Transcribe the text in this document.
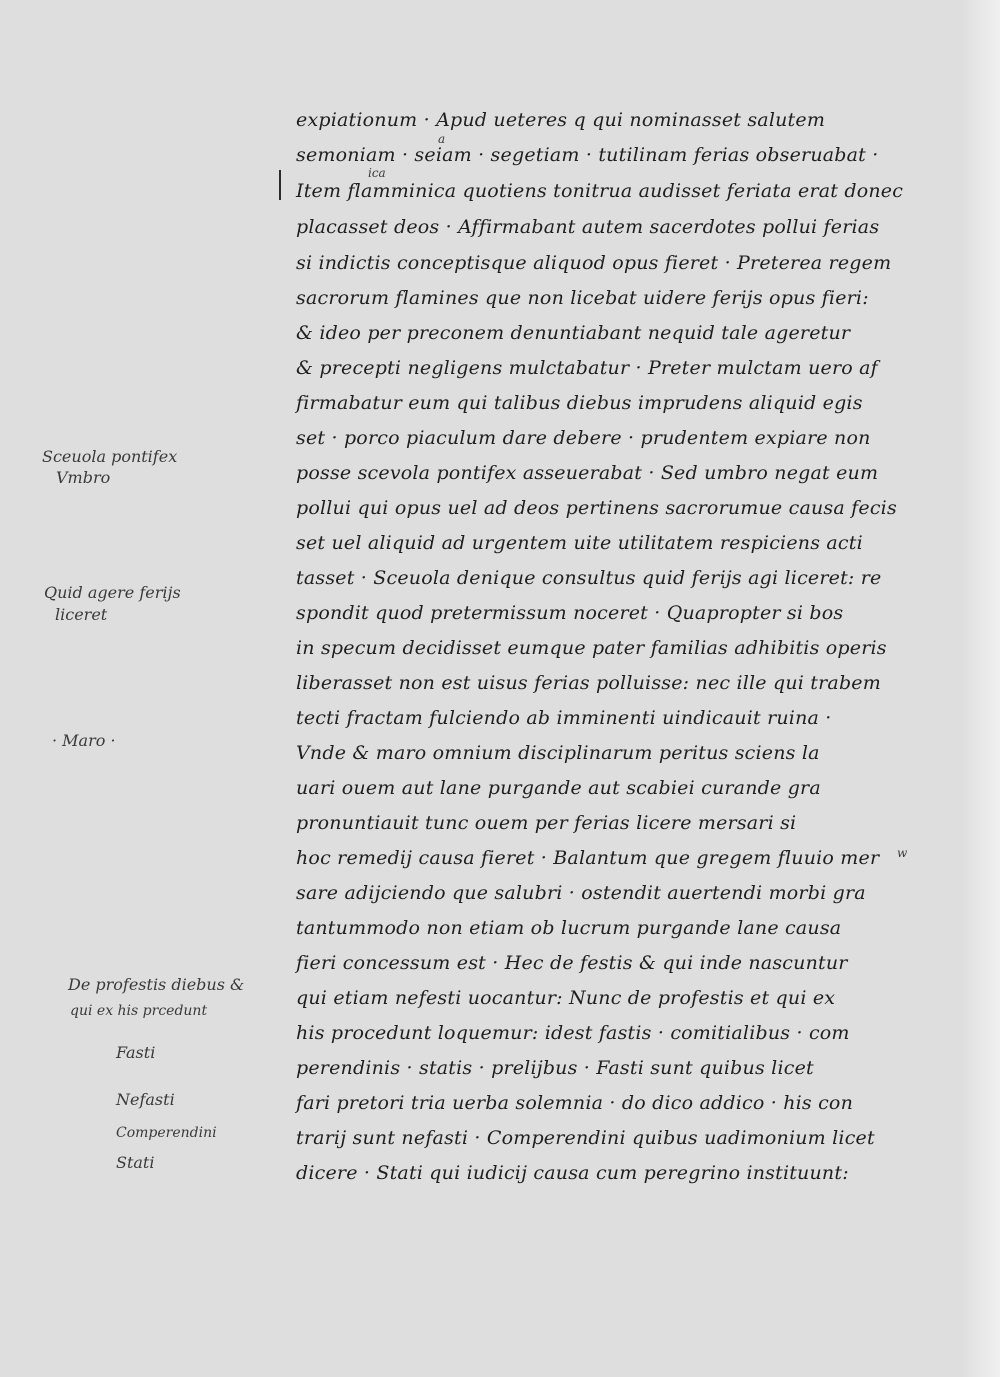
expiationum · Apud ueteres q qui nominasset salutem
semoniam · seiam · segetiam · tutilinam ferias obseruabat ·
Item flamminica quotiens tonitrua audisset feriata erat donec
placasset deos · Affirmabant autem sacerdotes pollui ferias
si indictis conceptisque aliquod opus fieret · Preterea regem
sacrorum flamines que non licebat uidere ferijs opus fieri:
& ideo per preconem denuntiabant nequid tale ageretur
& precepti negligens mulctabatur · Preter mulctam uero af
firmabatur eum qui talibus diebus imprudens aliquid egis
set · porco piaculum dare debere · prudentem expiare non
posse scevola pontifex asseuerabat · Sed umbro negat eum
pollui qui opus uel ad deos pertinens sacrorumue causa fecis
set uel aliquid ad urgentem uite utilitatem respiciens acti
tasset · Sceuola denique consultus quid ferijs agi liceret: re
spondit quod pretermissum noceret · Quapropter si bos
in specum decidisset eumque pater familias adhibitis operis
liberasset non est uisus ferias polluisse: nec ille qui trabem
tecti fractam fulciendo ab imminenti uindicauit ruina ·
Vnde & maro omnium disciplinarum peritus sciens la
uari ouem aut lane purgande aut scabiei curande gra
pronuntiauit tunc ouem per ferias licere mersari si
hoc remedij causa fieret · Balantum que gregem fluuio mer
sare adijciendo que salubri · ostendit auertendi morbi gra
tantummodo non etiam ob lucrum purgande lane causa
fieri concessum est · Hec de festis & qui inde nascuntur
qui etiam nefesti uocantur: Nunc de profestis et qui ex
his procedunt loquemur: idest fastis · comitialibus · com
perendinis · statis · prelijbus · Fasti sunt quibus licet
fari pretori tria uerba solemnia · do dico addico · his con
trarij sunt nefasti · Comperendini quibus uadimonium licet
dicere · Stati qui iudicij causa cum peregrino instituunt:
a
ica
w
Sceuola pontifex
Vmbro
Quid agere ferijs
liceret
· Maro ·
De profestis diebus &
qui ex his prcedunt
Fasti
Nefasti
Comperendini
Stati
